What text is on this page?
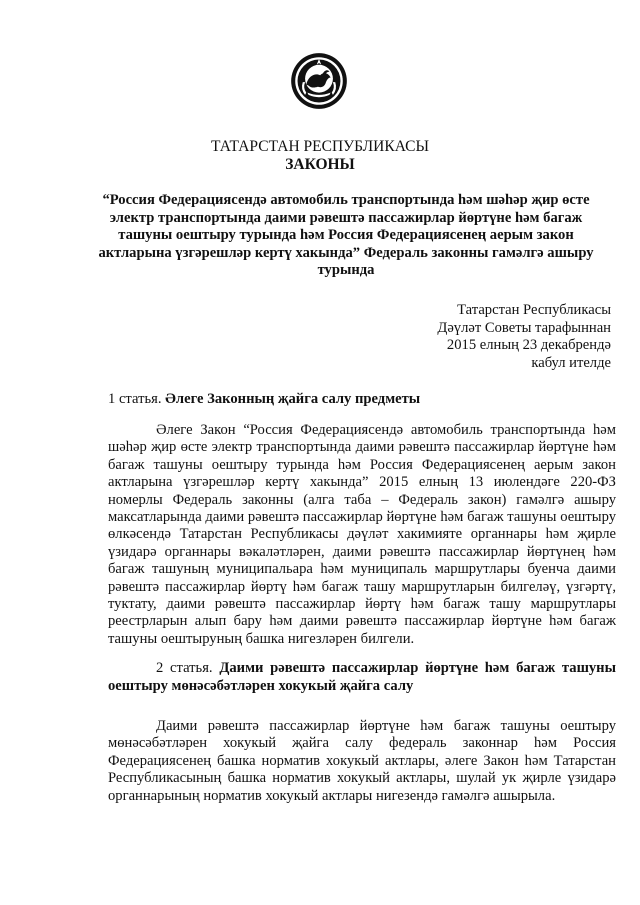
ТАТАРСТАН РЕСПУБЛИКАСЫ
ЗАКОНЫ

“Россия Федерациясендә автомобиль транспортында һәм шәһәр җир өсте электр транспортында даими рәвештә пассажирлар йөртүне һәм багаж ташуны оештыру турында һәм Россия Федерациясенең аерым закон актларына үзгәрешләр кертү хакында” Федераль законны гамәлгә ашыру турында

Татарстан Республикасы
Дәүләт Советы тарафыннан
2015 елның 23 декабрендә
кабул ителде
1 статья. Әлеге Законның җайга салу предметы

Әлеге Закон “Россия Федерациясендә автомобиль транспортында һәм шәһәр җир өсте электр транспортында даими рәвештә пассажирлар йөртүне һәм багаж ташуны оештыру турында һәм Россия Федерациясенең аерым закон актларына үзгәрешләр кертү хакында” 2015 елның 13 июлендәге 220-ФЗ номерлы Федераль законны (алга таба – Федераль закон) гамәлгә ашыру максатларында даими рәвештә пассажирлар йөртүне һәм багаж ташуны оештыру өлкәсендә Татарстан Республикасы дәүләт хакимияте органнары һәм җирле үзидарә органнары вәкаләтләрен, даими рәвештә пассажирлар йөртүнең һәм багаж ташуның муниципальара һәм муниципаль маршрутлары буенча даими рәвештә пассажирлар йөртү һәм багаж ташу маршрутларын билгеләү, үзгәртү, туктату, даими рәвештә пассажирлар йөртү һәм багаж ташу маршрутлары реестрларын алып бару һәм даими рәвештә пассажирлар йөртүне һәм багаж ташуны оештыруның башка нигезләрен билгели.

2 статья. Даими рәвештә пассажирлар йөртүне һәм багаж ташуны оештыру мөнәсәбәтләрен хокукый җайга салу

Даими рәвештә пассажирлар йөртүне һәм багаж ташуны оештыру мөнәсәбәтләрен хокукый җайга салу федераль законнар һәм Россия Федерациясенең башка норматив хокукый актлары, әлеге Закон һәм Татарстан Республикасының башка норматив хокукый актлары, шулай ук җирле үзидарә органнарының норматив хокукый актлары нигезендә гамәлгә ашырыла.
